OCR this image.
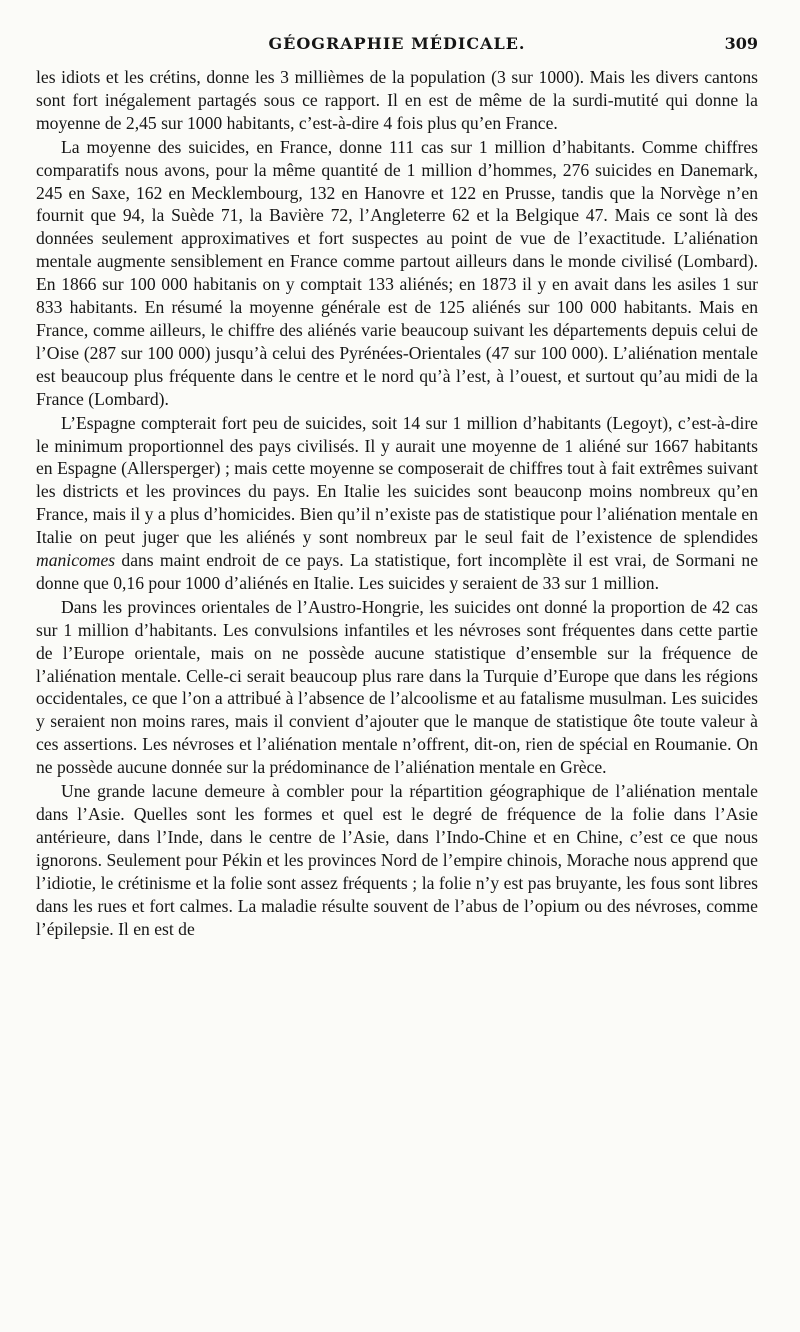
GÉOGRAPHIE MÉDICALE.	309

les idiots et les crétins, donne les 3 millièmes de la population (3 sur 1000). Mais les divers cantons sont fort inégalement partagés sous ce rapport. Il en est de même de la surdi-mutité qui donne la moyenne de 2,45 sur 1000 habitants, c’est-à-dire 4 fois plus qu’en France.

La moyenne des suicides, en France, donne 111 cas sur 1 million d’habitants. Comme chiffres comparatifs nous avons, pour la même quantité de 1 million d’hommes, 276 suicides en Danemark, 245 en Saxe, 162 en Mecklembourg, 132 en Hanovre et 122 en Prusse, tandis que la Norvège n’en fournit que 94, la Suède 71, la Bavière 72, l’Angleterre 62 et la Belgique 47. Mais ce sont là des données seulement approximatives et fort suspectes au point de vue de l’exactitude. L’aliénation mentale augmente sensiblement en France comme partout ailleurs dans le monde civilisé (Lombard). En 1866 sur 100 000 habitanis on y comptait 133 aliénés; en 1873 il y en avait dans les asiles 1 sur 833 habitants. En résumé la moyenne générale est de 125 aliénés sur 100 000 habitants. Mais en France, comme ailleurs, le chiffre des aliénés varie beaucoup suivant les départements depuis celui de l’Oise (287 sur 100 000) jusqu’à celui des Pyrénées-Orientales (47 sur 100 000). L’aliénation mentale est beaucoup plus fréquente dans le centre et le nord qu’à l’est, à l’ouest, et surtout qu’au midi de la France (Lombard).

L’Espagne compterait fort peu de suicides, soit 14 sur 1 million d’habitants (Legoyt), c’est-à-dire le minimum proportionnel des pays civilisés. Il y aurait une moyenne de 1 aliéné sur 1667 habitants en Espagne (Allersperger) ; mais cette moyenne se composerait de chiffres tout à fait extrêmes suivant les districts et les provinces du pays. En Italie les suicides sont beauconp moins nombreux qu’en France, mais il y a plus d’homicides. Bien qu’il n’existe pas de statistique pour l’aliénation mentale en Italie on peut juger que les aliénés y sont nombreux par le seul fait de l’existence de splendides manicomes dans maint endroit de ce pays. La statistique, fort incomplète il est vrai, de Sormani ne donne que 0,16 pour 1000 d’aliénés en Italie. Les suicides y seraient de 33 sur 1 million.

Dans les provinces orientales de l’Austro-Hongrie, les suicides ont donné la proportion de 42 cas sur 1 million d’habitants. Les convulsions infantiles et les névroses sont fréquentes dans cette partie de l’Europe orientale, mais on ne possède aucune statistique d’ensemble sur la fréquence de l’aliénation mentale. Celle-ci serait beaucoup plus rare dans la Turquie d’Europe que dans les régions occidentales, ce que l’on a attribué à l’absence de l’alcoolisme et au fatalisme musulman. Les suicides y seraient non moins rares, mais il convient d’ajouter que le manque de statistique ôte toute valeur à ces assertions. Les névroses et l’aliénation mentale n’offrent, dit-on, rien de spécial en Roumanie. On ne possède aucune donnée sur la prédominance de l’aliénation mentale en Grèce.

Une grande lacune demeure à combler pour la répartition géographique de l’aliénation mentale dans l’Asie. Quelles sont les formes et quel est le degré de fréquence de la folie dans l’Asie antérieure, dans l’Inde, dans le centre de l’Asie, dans l’Indo-Chine et en Chine, c’est ce que nous ignorons. Seulement pour Pékin et les provinces Nord de l’empire chinois, Morache nous apprend que l’idiotie, le crétinisme et la folie sont assez fréquents ; la folie n’y est pas bruyante, les fous sont libres dans les rues et fort calmes. La maladie résulte souvent de l’abus de l’opium ou des névroses, comme l’épilepsie. Il en est de
